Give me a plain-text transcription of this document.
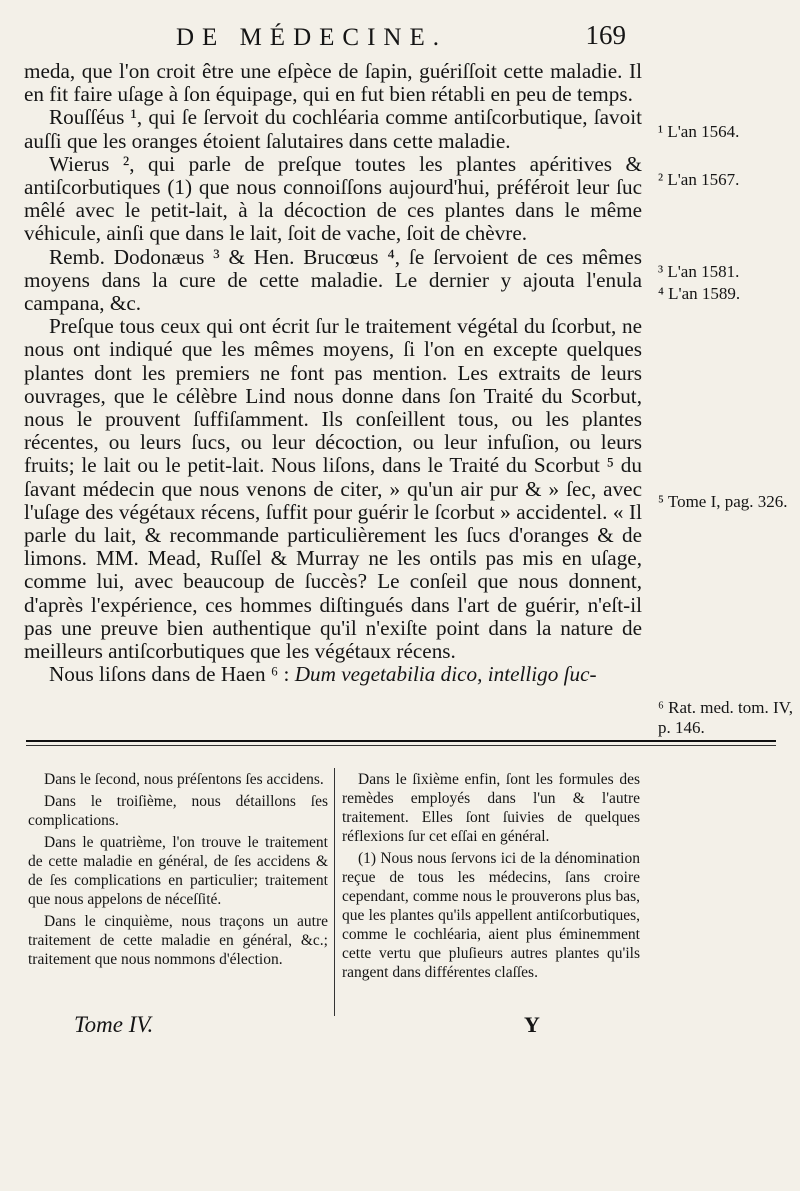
DE MÉDECINE.	169

meda, que l'on croit être une eſpèce de ſapin, guériſſoit cette maladie. Il en fit faire uſage à ſon équipage, qui en fut bien rétabli en peu de temps.

Rouſſéus ¹, qui ſe ſervoit du cochléaria comme antiſcorbutique, ſavoit auſſi que les oranges étoient ſalutaires dans cette maladie.

Wierus ², qui parle de preſque toutes les plantes apéritives & antiſcorbutiques (1) que nous connoiſſons aujourd'hui, préféroit leur ſuc mêlé avec le petit-lait, à la décoction de ces plantes dans le même véhicule, ainſi que dans le lait, ſoit de vache, ſoit de chèvre.

Remb. Dodonæus ³ & Hen. Brucœus ⁴, ſe ſervoient de ces mêmes moyens dans la cure de cette maladie. Le dernier y ajouta l'enula campana, &c.

Preſque tous ceux qui ont écrit ſur le traitement végétal du ſcorbut, ne nous ont indiqué que les mêmes moyens, ſi l'on en excepte quelques plantes dont les premiers ne font pas mention. Les extraits de leurs ouvrages, que le célèbre Lind nous donne dans ſon Traité du Scorbut, nous le prouvent ſuffiſamment. Ils conſeillent tous, ou les plantes récentes, ou leurs ſucs, ou leur décoction, ou leur infuſion, ou leurs fruits; le lait ou le petit-lait. Nous liſons, dans le Traité du Scorbut ⁵ du ſavant médecin que nous venons de citer, » qu'un air pur & » ſec, avec l'uſage des végétaux récens, ſuffit pour guérir le ſcorbut » accidentel. « Il parle du lait, & recommande particulièrement les ſucs d'oranges & de limons. MM. Mead, Ruſſel & Murray ne les ontils pas mis en uſage, comme lui, avec beaucoup de ſuccès? Le conſeil que nous donnent, d'après l'expérience, ces hommes diſtingués dans l'art de guérir, n'eſt-il pas une preuve bien authentique qu'il n'exiſte point dans la nature de meilleurs antiſcorbutiques que les végétaux récens.

Nous liſons dans de Haen ⁶ : Dum vegetabilia dico, intelligo ſuc-

¹ L'an 1564.
² L'an 1567.
³ L'an 1581.
⁴ L'an 1589.
⁵ Tome I, pag. 326.
⁶ Rat. med. tom. IV, p. 146.

Dans le ſecond, nous préſentons ſes accidens.

Dans le troiſième, nous détaillons ſes complications.

Dans le quatrième, l'on trouve le traitement de cette maladie en général, de ſes accidens & de ſes complications en particulier; traitement que nous appelons de néceſſité.

Dans le cinquième, nous traçons un autre traitement de cette maladie en général, &c.; traitement que nous nommons d'élection.

Dans le ſixième enfin, ſont les formules des remèdes employés dans l'un & l'autre traitement. Elles ſont ſuivies de quelques réflexions ſur cet eſſai en général.

(1) Nous nous ſervons ici de la dénomination reçue de tous les médecins, ſans croire cependant, comme nous le prouverons plus bas, que les plantes qu'ils appellent antiſcorbutiques, comme le cochléaria, aient plus éminemment cette vertu que pluſieurs autres plantes qu'ils rangent dans différentes claſſes.

Tome IV.	Y
